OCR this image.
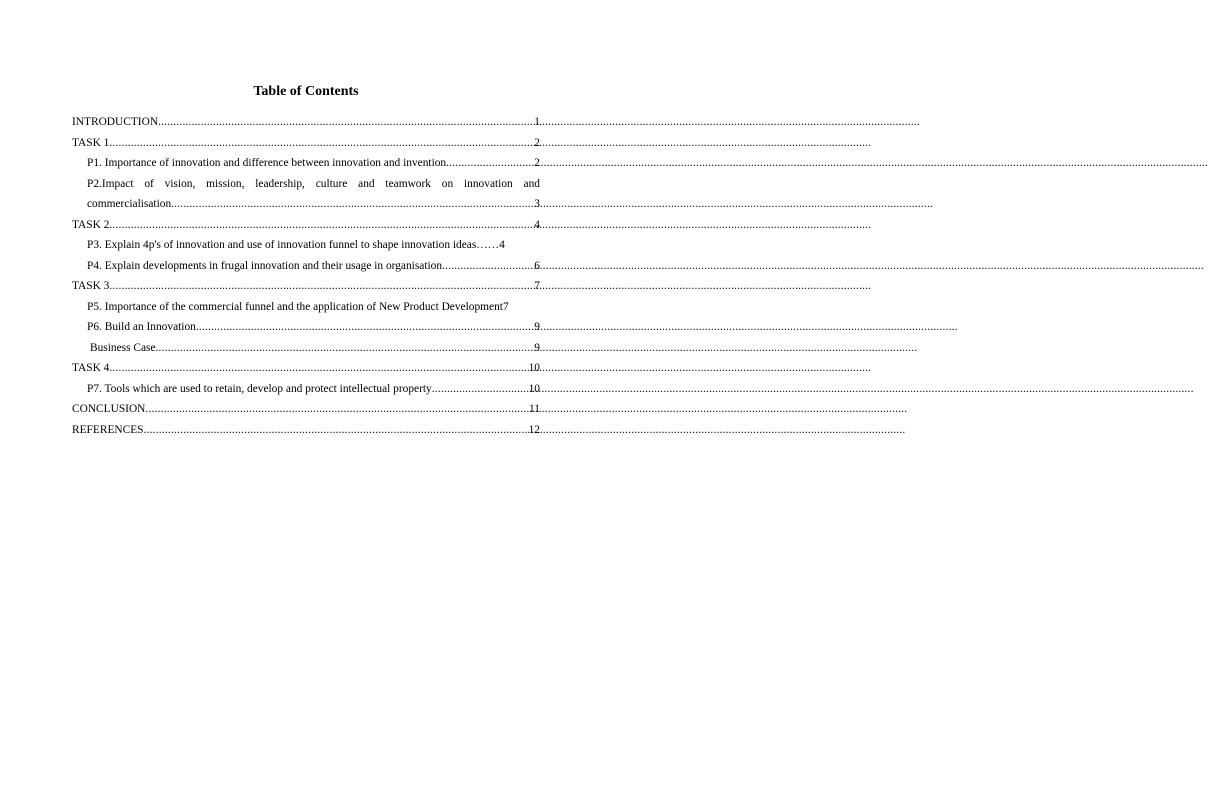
Table of Contents
INTRODUCTION .....	1
TASK 1 .....	2
P1. Importance of innovation and difference between innovation and invention .....	2
P2.Impact of vision, mission, leadership, culture and teamwork on innovation and
commercialisation .....	3
TASK 2 .....	4
P3. Explain 4p's of innovation and use of innovation funnel to shape innovation ideas…… 4
P4. Explain developments in frugal innovation and their usage in organisation .....	6
TASK 3 .....	7
P5. Importance of the commercial funnel and the application of New Product Development 7
P6. Build an Innovation .....	9
Business Case .....	9
TASK 4 .....	10
P7. Tools which are used to retain, develop and protect intellectual property .....	10
CONCLUSION .....	11
REFERENCES .....	12
